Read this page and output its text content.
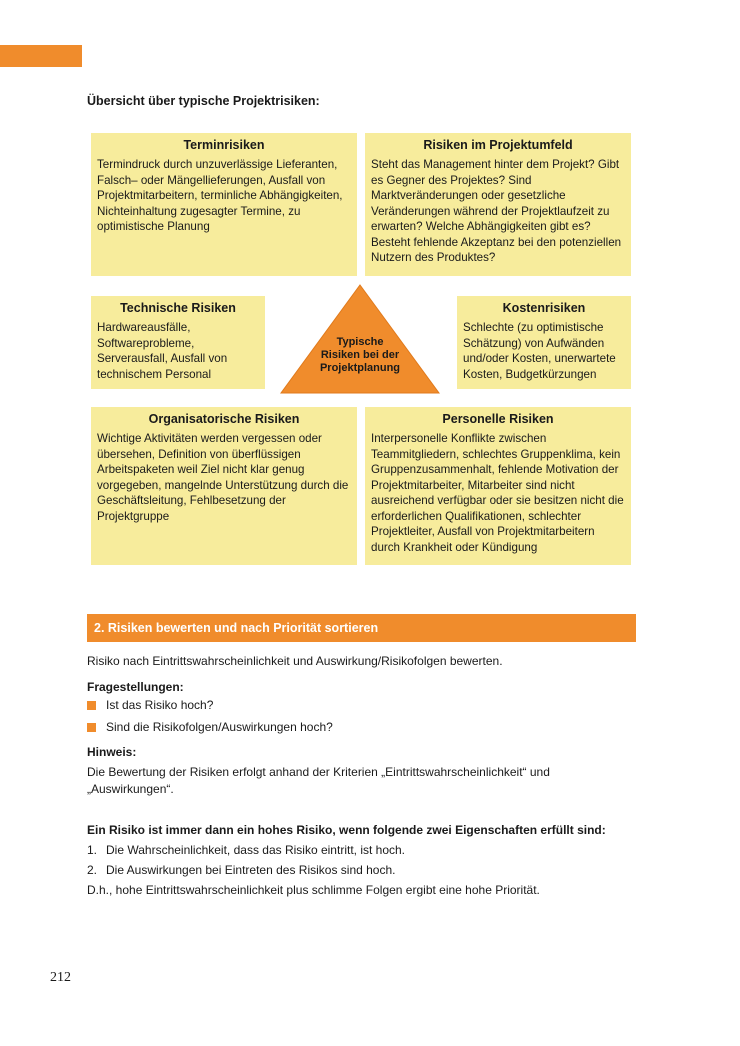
Übersicht über typische Projektrisiken:
Terminrisiken
Termindruck durch unzuverlässige Lieferanten, Falsch– oder Mängellieferungen, Ausfall von Projektmitarbeitern, terminliche Abhängigkeiten, Nichteinhaltung zugesagter Termine, zu optimistische Planung
Risiken im Projektumfeld
Steht das Management hinter dem Projekt? Gibt es Gegner des Projektes? Sind Marktveränderungen oder gesetzliche Veränderungen während der Projektlaufzeit zu erwarten? Welche Abhängigkeiten gibt es? Besteht fehlende Akzeptanz bei den potenziellen Nutzern des Produktes?
Technische Risiken
Hardwareausfälle, Softwareprobleme, Serverausfall, Ausfall von technischem Personal
Kostenrisiken
Schlechte (zu optimistische Schätzung) von Aufwänden und/oder Kosten, unerwartete Kosten, Budgetkürzungen
Typische
Risiken bei der
Projektplanung
Organisatorische Risiken
Wichtige Aktivitäten werden vergessen oder übersehen, Definition von überflüssigen Arbeitspaketen weil Ziel nicht klar genug vorgegeben, mangelnde Unterstützung durch die Geschäftsleitung, Fehlbesetzung der Projektgruppe
Personelle Risiken
Interpersonelle Konflikte zwischen Teammitgliedern, schlechtes Gruppenklima, kein Gruppenzusammenhalt, fehlende Motivation der Projektmitarbeiter, Mitarbeiter sind nicht ausreichend verfügbar oder sie besitzen nicht die erforderlichen Qualifikationen, schlechter Projektleiter, Ausfall von Projektmitarbeitern durch Krankheit oder Kündigung
2. Risiken bewerten und nach Priorität sortieren
Risiko nach Eintrittswahrscheinlichkeit und Auswirkung/Risikofolgen bewerten.
Fragestellungen:
Ist das Risiko hoch?
Sind die Risikofolgen/Auswirkungen hoch?
Hinweis:
Die Bewertung der Risiken erfolgt anhand der Kriterien „Eintrittswahrscheinlichkeit“ und „Auswirkungen“.
Ein Risiko ist immer dann ein hohes Risiko, wenn folgende zwei Eigenschaften erfüllt sind:
1. Die Wahrscheinlichkeit, dass das Risiko eintritt, ist hoch.
2. Die Auswirkungen bei Eintreten des Risikos sind hoch.
D.h., hohe Eintrittswahrscheinlichkeit plus schlimme Folgen ergibt eine hohe Priorität.
212
